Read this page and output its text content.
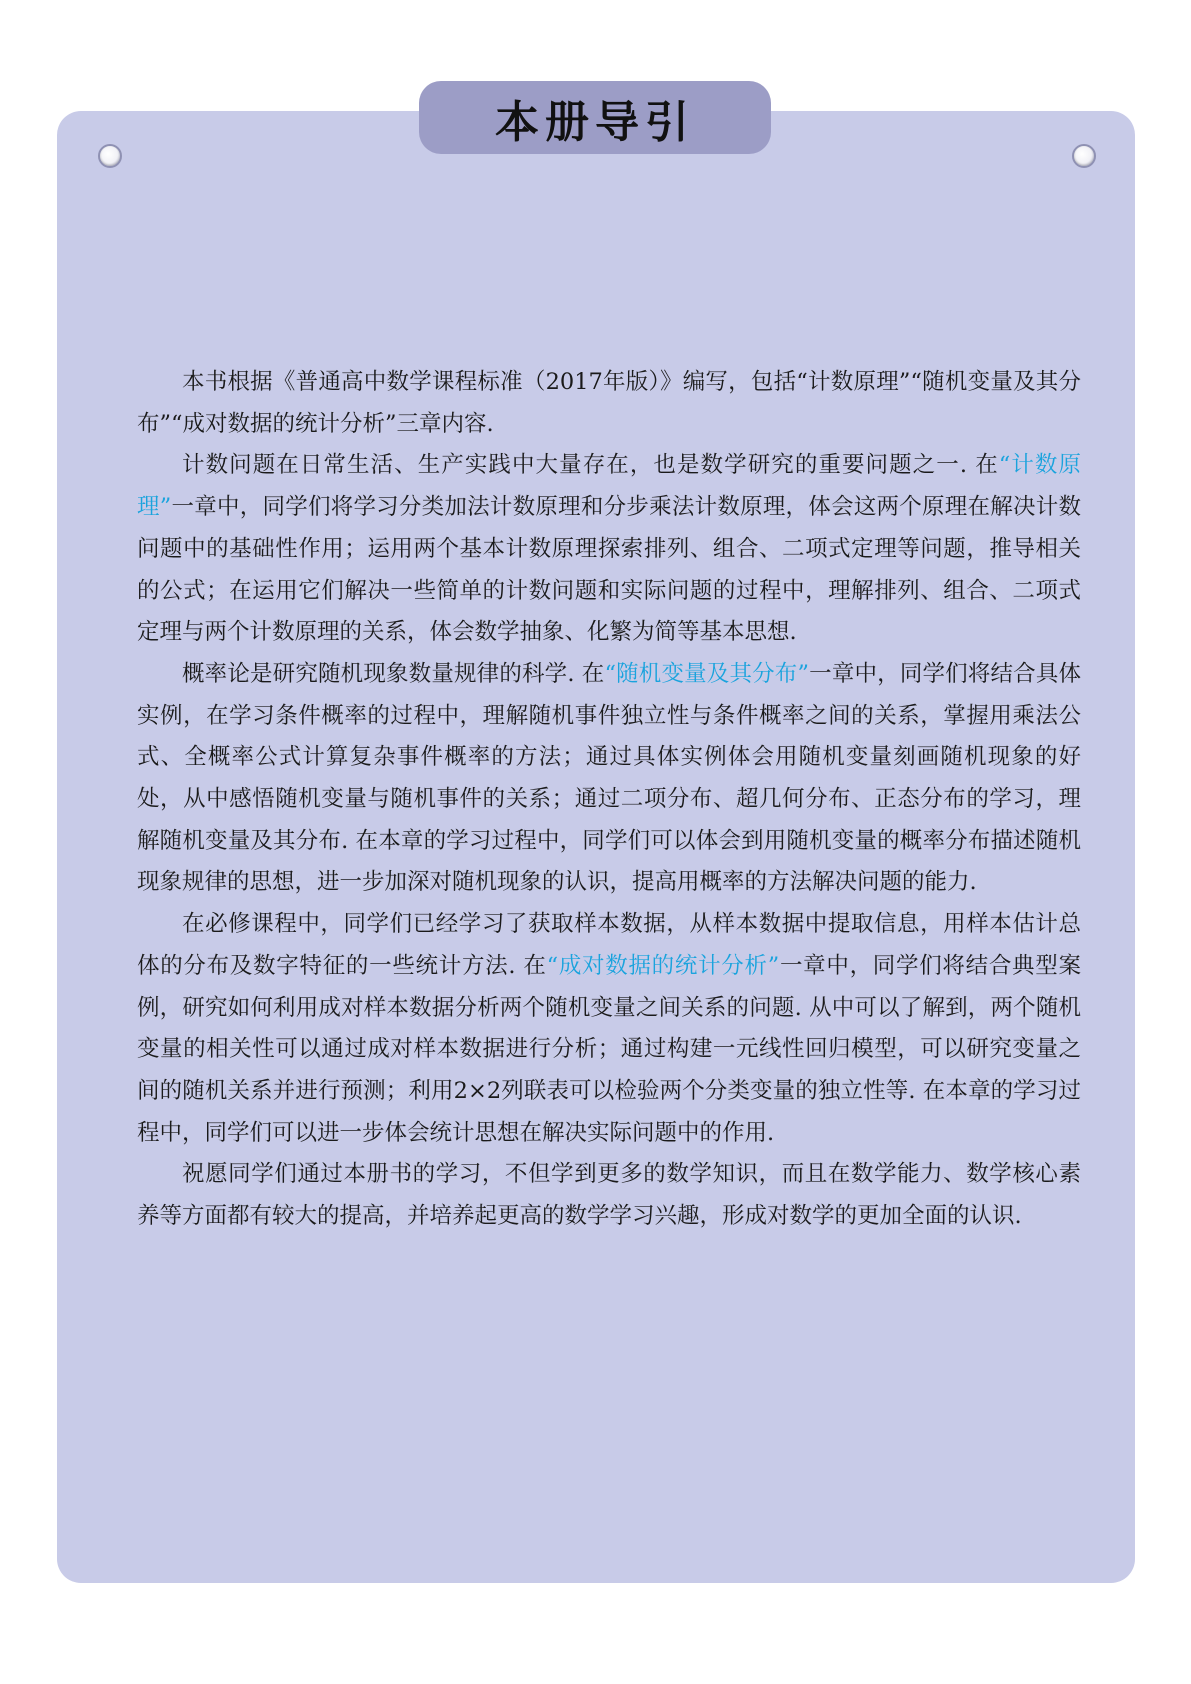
本册导引

本书根据《普通高中数学课程标准（2017年版）》编写，包括“计数原理”“随机变量及其分布”“成对数据的统计分析”三章内容.

计数问题在日常生活、生产实践中大量存在，也是数学研究的重要问题之一. 在“计数原理”一章中，同学们将学习分类加法计数原理和分步乘法计数原理，体会这两个原理在解决计数问题中的基础性作用；运用两个基本计数原理探索排列、组合、二项式定理等问题，推导相关的公式；在运用它们解决一些简单的计数问题和实际问题的过程中，理解排列、组合、二项式定理与两个计数原理的关系，体会数学抽象、化繁为简等基本思想.

概率论是研究随机现象数量规律的科学. 在“随机变量及其分布”一章中，同学们将结合具体实例，在学习条件概率的过程中，理解随机事件独立性与条件概率之间的关系，掌握用乘法公式、全概率公式计算复杂事件概率的方法；通过具体实例体会用随机变量刻画随机现象的好处，从中感悟随机变量与随机事件的关系；通过二项分布、超几何分布、正态分布的学习，理解随机变量及其分布. 在本章的学习过程中，同学们可以体会到用随机变量的概率分布描述随机现象规律的思想，进一步加深对随机现象的认识，提高用概率的方法解决问题的能力.

在必修课程中，同学们已经学习了获取样本数据，从样本数据中提取信息，用样本估计总体的分布及数字特征的一些统计方法. 在“成对数据的统计分析”一章中，同学们将结合典型案例，研究如何利用成对样本数据分析两个随机变量之间关系的问题. 从中可以了解到，两个随机变量的相关性可以通过成对样本数据进行分析；通过构建一元线性回归模型，可以研究变量之间的随机关系并进行预测；利用2×2列联表可以检验两个分类变量的独立性等. 在本章的学习过程中，同学们可以进一步体会统计思想在解决实际问题中的作用.

祝愿同学们通过本册书的学习，不但学到更多的数学知识，而且在数学能力、数学核心素养等方面都有较大的提高，并培养起更高的数学学习兴趣，形成对数学的更加全面的认识.
